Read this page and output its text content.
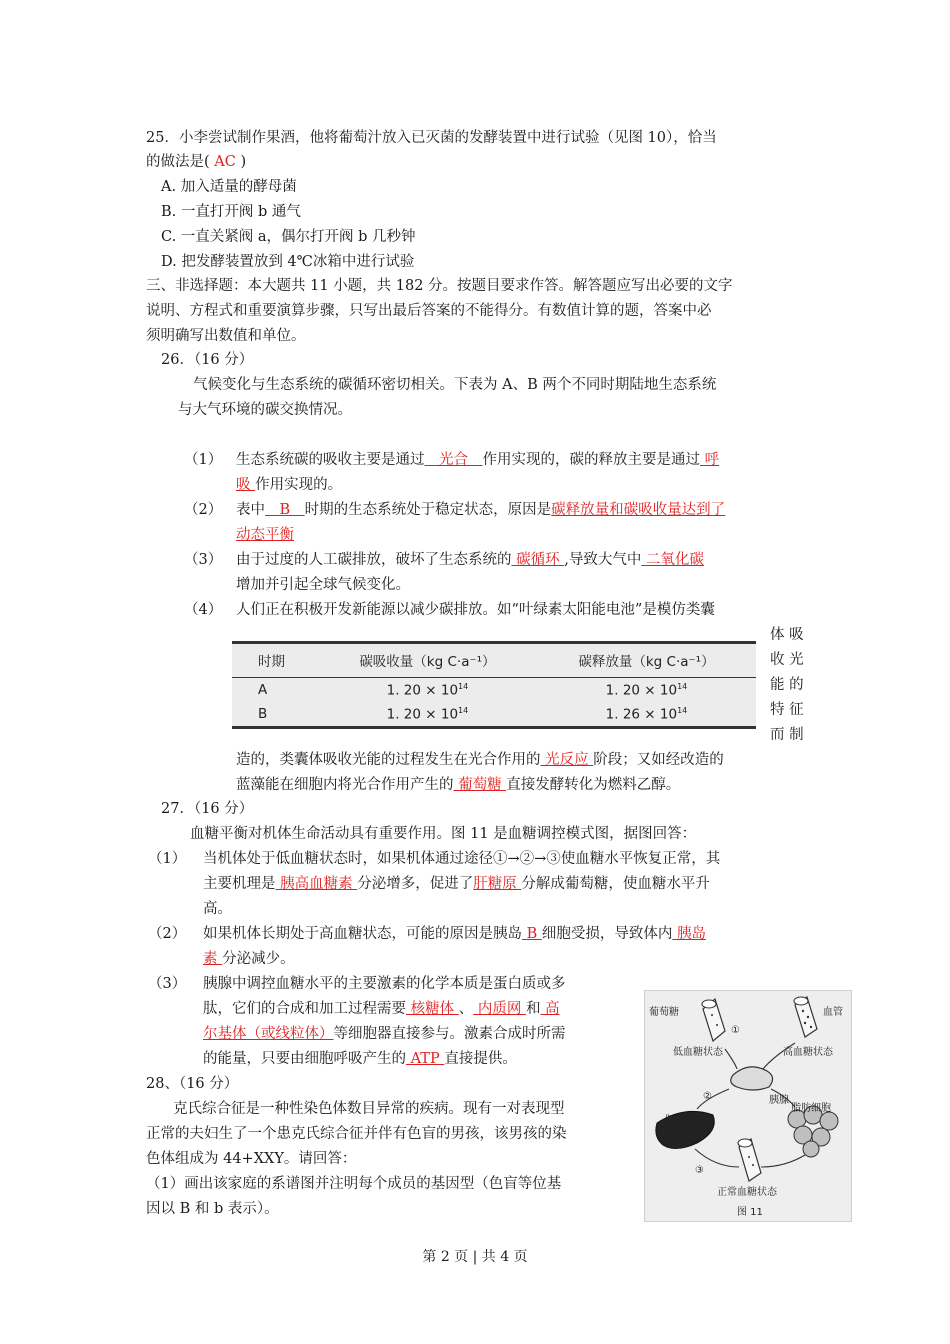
25．小李尝试制作果酒，他将葡萄汁放入已灭菌的发酵装置中进行试验（见图 10），恰当
的做法是( AC )
A. 加入适量的酵母菌
B. 一直打开阀 b 通气
C. 一直关紧阀 a，偶尔打开阀 b 几秒钟
D. 把发酵装置放到 4℃冰箱中进行试验
三、非选择题：本大题共 11 小题，共 182 分。按题目要求作答。解答题应写出必要的文字
说明、方程式和重要演算步骤，只写出最后答案的不能得分。有数值计算的题，答案中必
须明确写出数值和单位。
26．（16 分）
气候变化与生态系统的碳循环密切相关。下表为 A、B 两个不同时期陆地生态系统
与大气环境的碳交换情况。
（1） 生态系统碳的吸收主要是通过　光合　作用实现的，碳的释放主要是通过 呼
吸 作用实现的。
（2） 表中　B　时期的生态系统处于稳定状态，原因是碳释放量和碳吸收量达到了
动态平衡
（3） 由于过度的人工碳排放，破坏了生态系统的 碳循环 ,导致大气中 二氧化碳
增加并引起全球气候变化。
（4） 人们正在积极开发新能源以减少碳排放。如“叶绿素太阳能电池”是模仿类囊
体 吸
收 光
能 的
特 征
而 制
时期	碳吸收量（kg C·a⁻¹）	碳释放量（kg C·a⁻¹）
A	1. $20 \times 10^{14}$	1. $20 \times 10^{14}$
B	1. $20 \times 10^{14}$	1. $26 \times 10^{14}$
造的，类囊体吸收光能的过程发生在光合作用的 光反应 阶段；又如经改造的
蓝藻能在细胞内将光合作用产生的 葡萄糖 直接发酵转化为燃料乙醇。
27．（16 分）
血糖平衡对机体生命活动具有重要作用。图 11 是血糖调控模式图，据图回答：
（1） 当机体处于低血糖状态时，如果机体通过途径①→②→③使血糖水平恢复正常，其
主要机理是 胰高血糖素 分泌增多，促进了肝糖原 分解成葡萄糖，使血糖水平升
高。
（2） 如果机体长期处于高血糖状态，可能的原因是胰岛 B 细胞受损，导致体内 胰岛
素 分泌减少。
（3） 胰腺中调控血糖水平的主要激素的化学本质是蛋白质或多
肽，它们的合成和加工过程需要 核糖体 、 内质网 和 高
尔基体（或线粒体）等细胞器直接参与。激素合成时所需
的能量，只要由细胞呼吸产生的 ATP 直接提供。
28、（16 分）
克氏综合征是一种性染色体数目异常的疾病。现有一对表现型
正常的夫妇生了一个患克氏综合征并伴有色盲的男孩，该男孩的染
色体组成为 44+XXY。请回答：
（1）画出该家庭的系谱图并注明每个成员的基因型（色盲等位基
因以 B 和 b 表示）。
葡萄糖	血管
①
低血糖状态	高血糖状态
胰腺
②
脂肪细胞
肝脏
③
正常血糖状态
图 11
第 2 页 | 共 4 页
